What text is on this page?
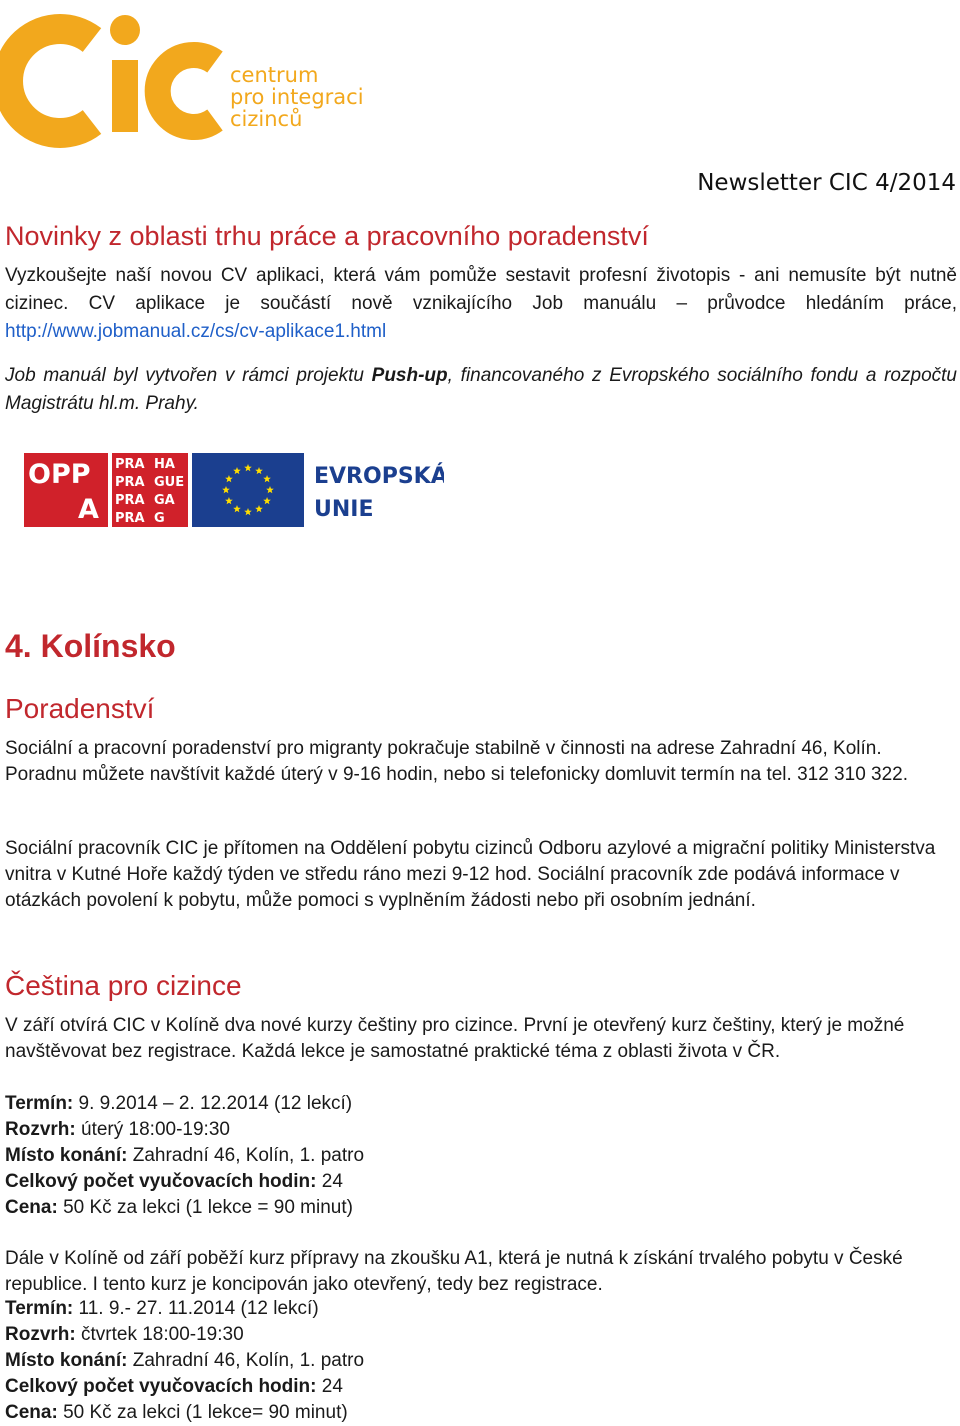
centrum
pro integraci
cizinců
Newsletter CIC 4/2014
Novinky z oblasti trhu práce a pracovního poradenství
Vyzkoušejte naší novou CV aplikaci, která vám pomůže sestavit profesní životopis - ani nemusíte být nutně cizinec. CV aplikace je součástí nově vznikajícího Job manuálu – průvodce hledáním práce, http://www.jobmanual.cz/cs/cv-aplikace1.html
Job manuál byl vytvořen v rámci projektu Push-up, financovaného z Evropského sociálního fondu a rozpočtu Magistrátu hl.m. Prahy.
OPP
A
PRA HA
PRA GUE
PRA GA
PRA G
EVROPSKÁ
UNIE
4. Kolínsko
Poradenství
Sociální a pracovní poradenství pro migranty pokračuje stabilně v činnosti na adrese Zahradní 46, Kolín. Poradnu můžete navštívit každé úterý v 9-16 hodin, nebo si telefonicky domluvit termín na tel. 312 310 322.
Sociální pracovník CIC je přítomen na Oddělení pobytu cizinců Odboru azylové a migrační politiky Ministerstva vnitra v Kutné Hoře každý týden ve středu ráno mezi 9-12 hod. Sociální pracovník zde podává informace v otázkách povolení k pobytu, může pomoci s vyplněním žádosti nebo při osobním jednání.
Čeština pro cizince
V září otvírá CIC v Kolíně dva nové kurzy češtiny pro cizince. První je otevřený kurz češtiny, který je možné navštěvovat bez registrace. Každá lekce je samostatné praktické téma z oblasti života v ČR.
Termín: 9. 9.2014 – 2. 12.2014 (12 lekcí)
Rozvrh: úterý 18:00-19:30
Místo konání: Zahradní 46, Kolín, 1. patro
Celkový počet vyučovacích hodin: 24
Cena: 50 Kč za lekci (1 lekce = 90 minut)
Dále v Kolíně od září poběží kurz přípravy na zkoušku A1, která je nutná k získání trvalého pobytu v České republice. I tento kurz je koncipován jako otevřený, tedy bez registrace.
Termín: 11. 9.- 27. 11.2014 (12 lekcí)
Rozvrh: čtvrtek 18:00-19:30
Místo konání: Zahradní 46, Kolín, 1. patro
Celkový počet vyučovacích hodin: 24
Cena: 50 Kč za lekci (1 lekce= 90 minut)
